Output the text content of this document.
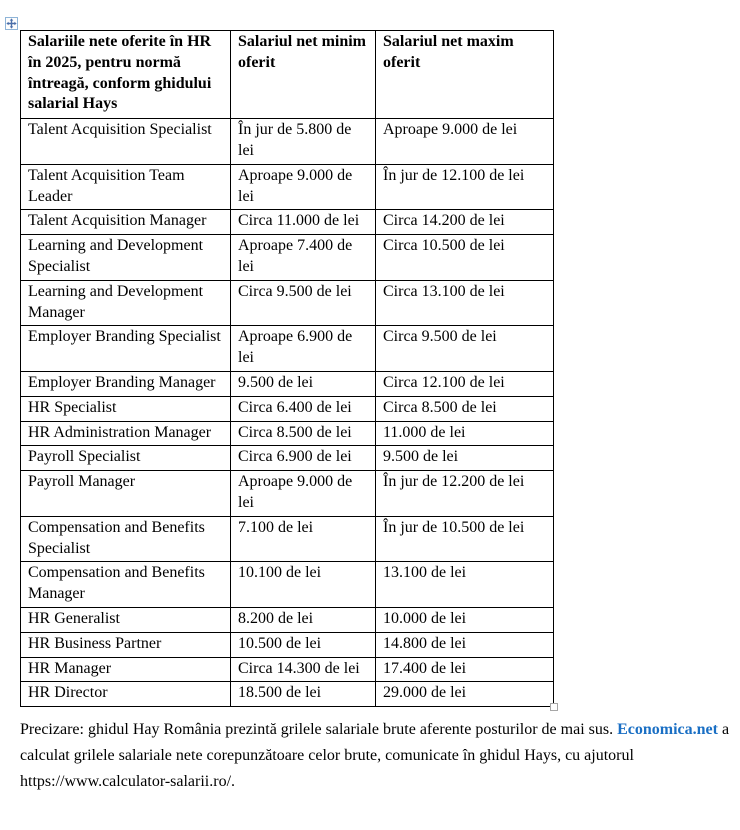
Salariile nete oferite în HR în 2025, pentru normă întreagă, conform ghidului salarial Hays	Salariul net minim oferit	Salariul net maxim oferit
Talent Acquisition Specialist	În jur de 5.800 de lei	Aproape 9.000 de lei
Talent Acquisition Team Leader	Aproape 9.000 de lei	În jur de 12.100 de lei
Talent Acquisition Manager	Circa 11.000 de lei	Circa 14.200 de lei
Learning and Development Specialist	Aproape 7.400 de lei	Circa 10.500 de lei
Learning and Development Manager	Circa 9.500 de lei	Circa 13.100 de lei
Employer Branding Specialist	Aproape 6.900 de lei	Circa 9.500 de lei
Employer Branding Manager	9.500 de lei	Circa 12.100 de lei
HR Specialist	Circa 6.400 de lei	Circa 8.500 de lei
HR Administration Manager	Circa 8.500 de lei	11.000 de lei
Payroll Specialist	Circa 6.900 de lei	9.500 de lei
Payroll Manager	Aproape 9.000 de lei	În jur de 12.200 de lei
Compensation and Benefits Specialist	7.100 de lei	În jur de 10.500 de lei
Compensation and Benefits Manager	10.100 de lei	13.100 de lei
HR Generalist	8.200 de lei	10.000 de lei
HR Business Partner	10.500 de lei	14.800 de lei
HR Manager	Circa 14.300 de lei	17.400 de lei
HR Director	18.500 de lei	29.000 de lei

Precizare: ghidul Hay România prezintă grilele salariale brute aferente posturilor de mai sus. Economica.net a calculat grilele salariale nete corepunzătoare celor brute, comunicate în ghidul Hays, cu ajutorul https://www.calculator-salarii.ro/.
